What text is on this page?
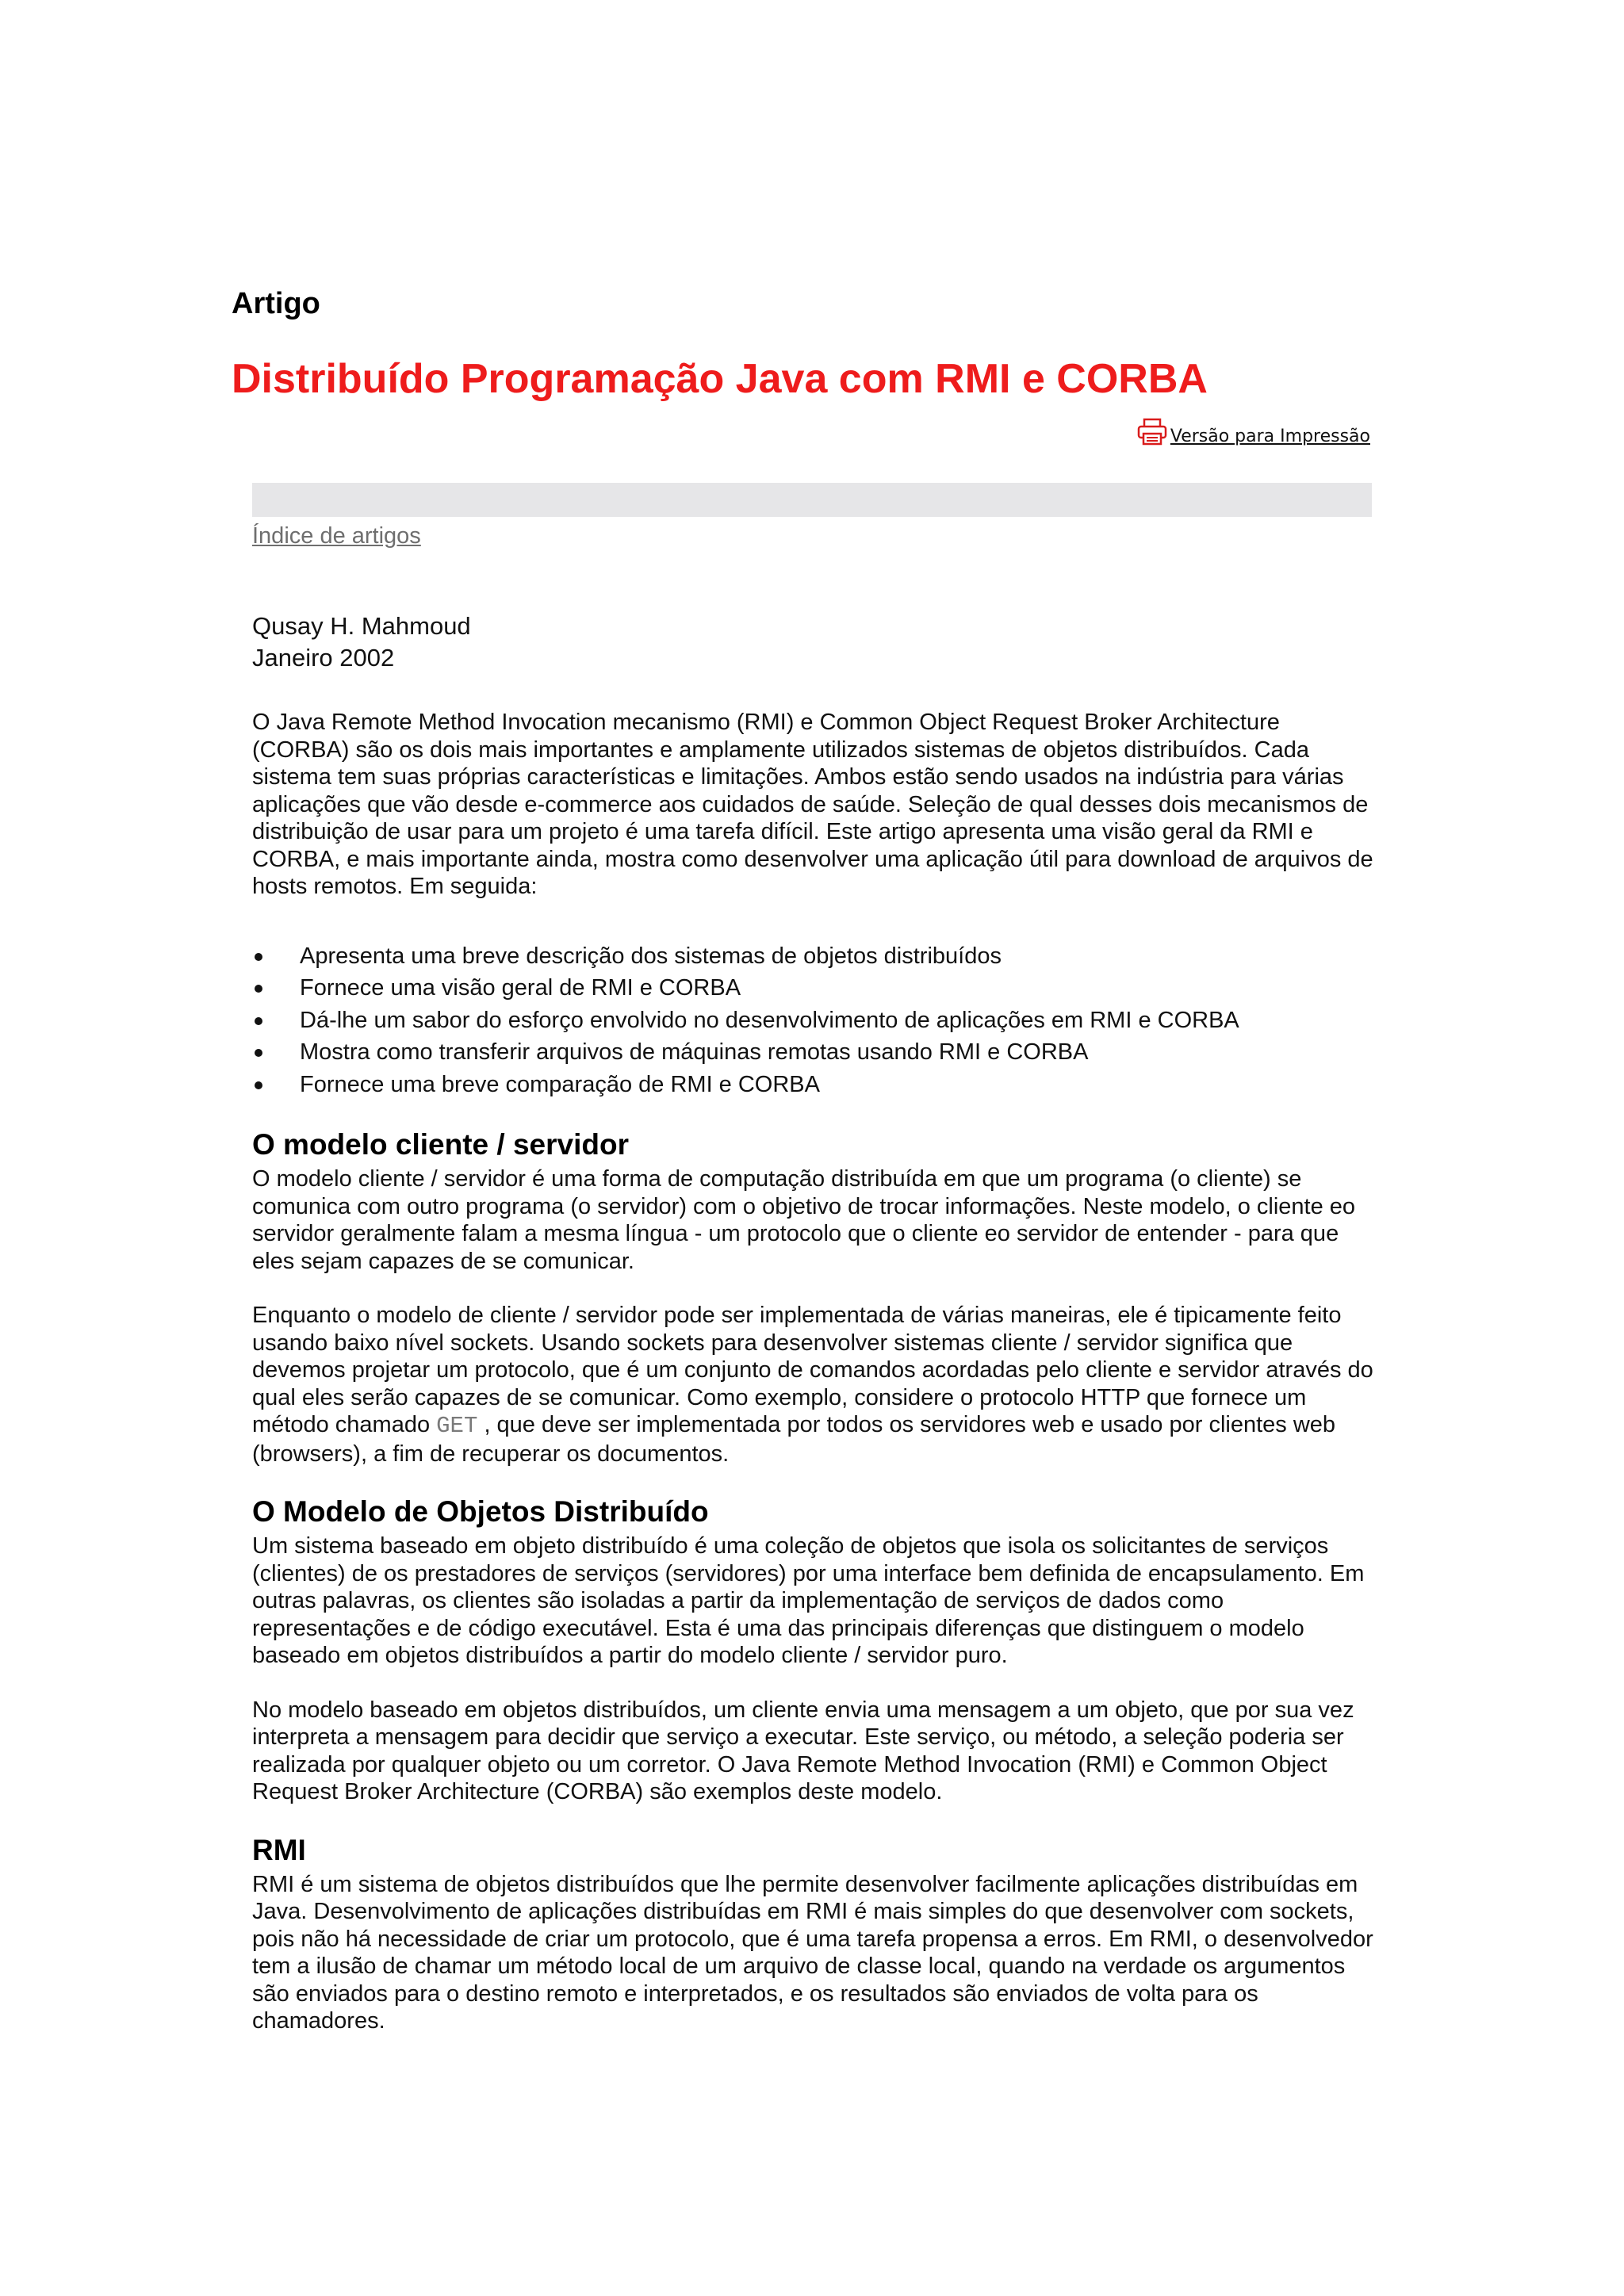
Artigo
Distribuído Programação Java com RMI e CORBA
Versão para Impressão
Índice de artigos
Qusay H. Mahmoud
Janeiro 2002

O Java Remote Method Invocation mecanismo (RMI) e Common Object Request Broker Architecture (CORBA) são os dois mais importantes e amplamente utilizados sistemas de objetos distribuídos. Cada sistema tem suas próprias características e limitações. Ambos estão sendo usados na indústria para várias aplicações que vão desde e-commerce aos cuidados de saúde. Seleção de qual desses dois mecanismos de distribuição de usar para um projeto é uma tarefa difícil. Este artigo apresenta uma visão geral da RMI e CORBA, e mais importante ainda, mostra como desenvolver uma aplicação útil para download de arquivos de hosts remotos. Em seguida:

Apresenta uma breve descrição dos sistemas de objetos distribuídos
Fornece uma visão geral de RMI e CORBA
Dá-lhe um sabor do esforço envolvido no desenvolvimento de aplicações em RMI e CORBA
Mostra como transferir arquivos de máquinas remotas usando RMI e CORBA
Fornece uma breve comparação de RMI e CORBA
O modelo cliente / servidor

O modelo cliente / servidor é uma forma de computação distribuída em que um programa (o cliente) se comunica com outro programa (o servidor) com o objetivo de trocar informações. Neste modelo, o cliente eo servidor geralmente falam a mesma língua - um protocolo que o cliente eo servidor de entender - para que eles sejam capazes de se comunicar.

Enquanto o modelo de cliente / servidor pode ser implementada de várias maneiras, ele é tipicamente feito usando baixo nível sockets. Usando sockets para desenvolver sistemas cliente / servidor significa que devemos projetar um protocolo, que é um conjunto de comandos acordadas pelo cliente e servidor através do qual eles serão capazes de se comunicar. Como exemplo, considere o protocolo HTTP que fornece um método chamado GET , que deve ser implementada por todos os servidores web e usado por clientes web (browsers), a fim de recuperar os documentos.

O Modelo de Objetos Distribuído

Um sistema baseado em objeto distribuído é uma coleção de objetos que isola os solicitantes de serviços (clientes) de os prestadores de serviços (servidores) por uma interface bem definida de encapsulamento. Em outras palavras, os clientes são isoladas a partir da implementação de serviços de dados como representações e de código executável. Esta é uma das principais diferenças que distinguem o modelo baseado em objetos distribuídos a partir do modelo cliente / servidor puro.

No modelo baseado em objetos distribuídos, um cliente envia uma mensagem a um objeto, que por sua vez interpreta a mensagem para decidir que serviço a executar. Este serviço, ou método, a seleção poderia ser realizada por qualquer objeto ou um corretor. O Java Remote Method Invocation (RMI) e Common Object Request Broker Architecture (CORBA) são exemplos deste modelo.

RMI

RMI é um sistema de objetos distribuídos que lhe permite desenvolver facilmente aplicações distribuídas em Java. Desenvolvimento de aplicações distribuídas em RMI é mais simples do que desenvolver com sockets, pois não há necessidade de criar um protocolo, que é uma tarefa propensa a erros. Em RMI, o desenvolvedor tem a ilusão de chamar um método local de um arquivo de classe local, quando na verdade os argumentos são enviados para o destino remoto e interpretados, e os resultados são enviados de volta para os chamadores.
